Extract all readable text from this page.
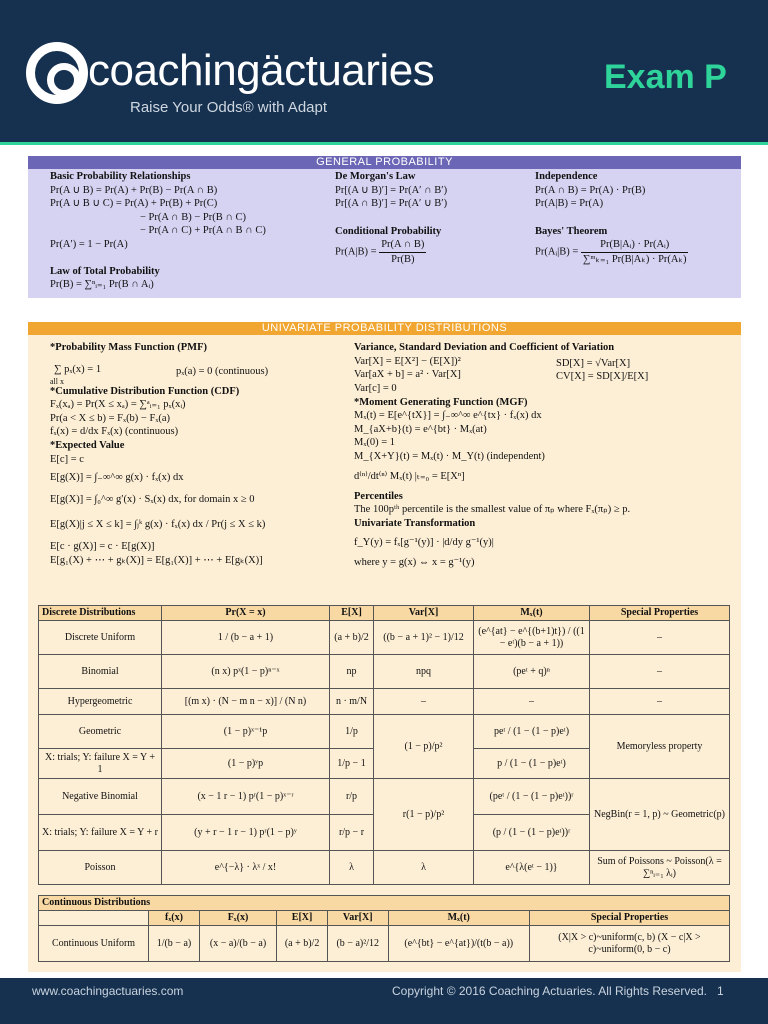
coachingäctuaries
Raise Your Odds® with Adapt
Exam P
GENERAL PROBABILITY
Basic Probability Relationships
Pr(A ∪ B) = Pr(A) + Pr(B) − Pr(A ∩ B)
Pr(A ∪ B ∪ C) = Pr(A) + Pr(B) + Pr(C)
− Pr(A ∩ B) − Pr(B ∩ C)
− Pr(A ∩ C) + Pr(A ∩ B ∩ C)
Pr(A′) = 1 − Pr(A)
Law of Total Probability
Pr(B) = ∑ⁿᵢ₌₁ Pr(B ∩ Aᵢ)
De Morgan's Law
Pr[(A ∪ B)′] = Pr(A′ ∩ B′)
Pr[(A ∩ B)′] = Pr(A′ ∪ B′)
Conditional Probability
$Pr(A|B) = \frac{Pr(A \cap B)}{Pr(B)}$
Independence
Pr(A ∩ B) = Pr(A) · Pr(B)
Pr(A|B) = Pr(A)
Bayes' Theorem
Pr(Aᵢ|B) = $\frac{\text{Pr(B|Aᵢ) · Pr(Aᵢ)}}{\text{∑ᵐₖ₌₁ Pr(B|Aₖ) · Pr(Aₖ)}}$
UNIVARIATE PROBABILITY DISTRIBUTIONS
*Probability Mass Function (PMF)
∑ pₓ(x) = 1
all x
pₓ(a) = 0 (continuous)
*Cumulative Distribution Function (CDF)
Fₓ(xₐ) = Pr(X ≤ xₐ) = ∑ᵃᵢ₌₁ pₓ(xᵢ)
Pr(a < X ≤ b) = Fₓ(b) − Fₓ(a)
fₓ(x) = d/dx Fₓ(x) (continuous)
*Expected Value
E[c] = c
E[g(X)] = ∫₋∞^∞ g(x) · fₓ(x) dx
E[g(X)] = ∫₀^∞ g′(x) · Sₓ(x) dx, for domain x ≥ 0
E[g(X)|j ≤ X ≤ k] = ∫ⱼᵏ g(x) · fₓ(x) dx / Pr(j ≤ X ≤ k)
E[c · g(X)] = c · E[g(X)]
E[g₁(X) + ⋯ + gₖ(X)] = E[g₁(X)] + ⋯ + E[gₖ(X)]
Variance, Standard Deviation and Coefficient of Variation
Var[X] = E[X²] − (E[X])²
Var[aX + b] = a² · Var[X]
Var[c] = 0
SD[X] = √Var[X]
CV[X] = SD[X]/E[X]
*Moment Generating Function (MGF)
Mₓ(t) = E[e^{tX}] = ∫₋∞^∞ e^{tx} · fₓ(x) dx
M_{aX+b}(t) = e^{bt} · Mₓ(at)
Mₓ(0) = 1
M_{X+Y}(t) = Mₓ(t) · M_Y(t) (independent)
d⁽ⁿ⁾/dt⁽ⁿ⁾ Mₓ(t) |ₜ₌₀ = E[Xⁿ]
Percentiles
The 100pᵗʰ percentile is the smallest value of πₚ where Fₓ(πₚ) ≥ p.
Univariate Transformation
f_Y(y) = fₓ[g⁻¹(y)] · |d/dy g⁻¹(y)|
where y = g(x) ⇔ x = g⁻¹(y)
Discrete Distributions	Pr(X = x)	E[X]	Var[X]	Mₓ(t)	Special Properties
Discrete Uniform	1 / (b − a + 1)	(a + b)/2	((b − a + 1)² − 1)/12	(e^{at} − e^{(b+1)t}) / ((1 − eᵗ)(b − a + 1))	–
Binomial	(n x) pˣ(1 − p)ⁿ⁻ˣ	np	npq	(peᵗ + q)ⁿ	–
Hypergeometric	[(m x) · (N − m n − x)] / (N n)	n · m/N	–	–	–
Geometric	(1 − p)ˣ⁻¹p	1/p	(1 − p)/p²	peᵗ / (1 − (1 − p)eᵗ)	Memoryless property
X: trials; Y: failure X = Y + 1	(1 − p)ʸp	1/p − 1		p / (1 − (1 − p)eᵗ)	
Negative Binomial	(x − 1 r − 1) pʳ(1 − p)ˣ⁻ʳ	r/p	r(1 − p)/p²	(peᵗ / (1 − (1 − p)eᵗ))ʳ	NegBin(r = 1, p) ~ Geometric(p)
X: trials; Y: failure X = Y + r	(y + r − 1 r − 1) pʳ(1 − p)ʸ	r/p − r		(p / (1 − (1 − p)eᵗ))ʳ	
Poisson	e^{−λ} · λˣ / x!	λ	λ	e^{λ(eᵗ − 1)}	Sum of Poissons ~ Poisson(λ = ∑ⁿᵢ₌₁ λᵢ)
Continuous Distributions						
	fₓ(x)	Fₓ(x)	E[X]	Var[X]	Mₓ(t)	Special Properties
Continuous Uniform	1/(b − a)	(x − a)/(b − a)	(a + b)/2	(b − a)²/12	(e^{bt} − e^{at})/(t(b − a))	(X|X > c)~uniform(c, b) (X − c|X > c)~uniform(0, b − c)
www.coachingactuaries.com	Copyright © 2016 Coaching Actuaries. All Rights Reserved. 1
